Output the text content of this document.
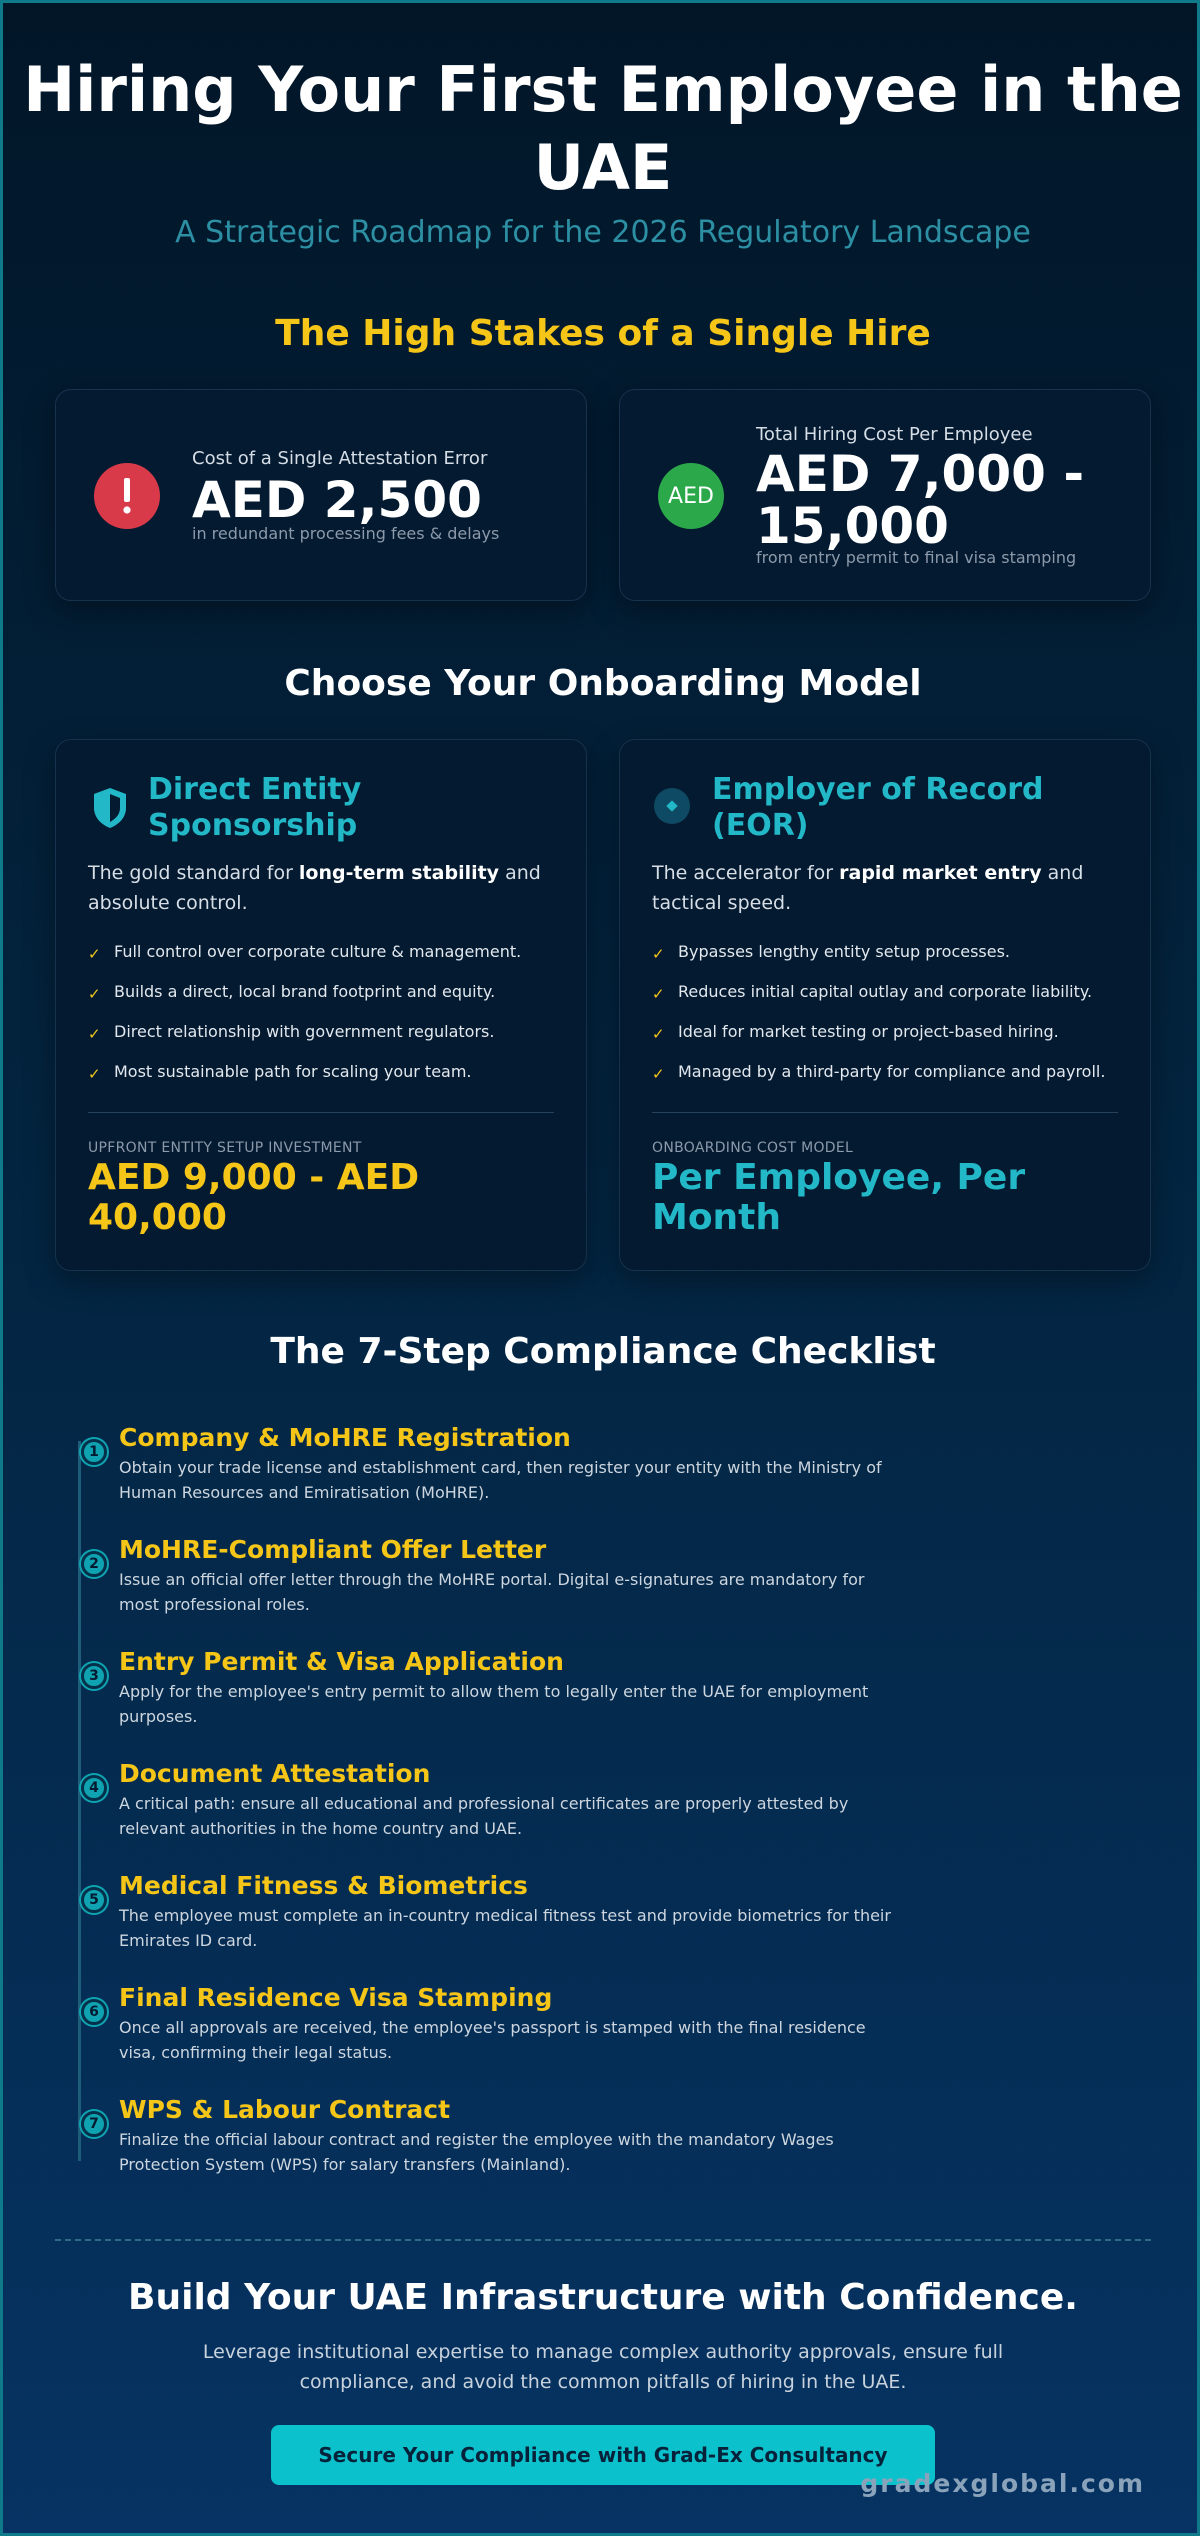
Hiring Your First Employee in the UAE
A Strategic Roadmap for the 2026 Regulatory Landscape
The High Stakes of a Single Hire
Cost of a Single Attestation Error
AED 2,500
in redundant processing fees & delays
AED
Total Hiring Cost Per Employee
AED 7,000 - 15,000
from entry permit to final visa stamping
Choose Your Onboarding Model
Direct Entity Sponsorship
The gold standard for long-term stability and absolute control.
✓ Full control over corporate culture & management.
✓ Builds a direct, local brand footprint and equity.
✓ Direct relationship with government regulators.
✓ Most sustainable path for scaling your team.
UPFRONT ENTITY SETUP INVESTMENT
AED 9,000 - AED 40,000
Employer of Record (EOR)
The accelerator for rapid market entry and tactical speed.
✓ Bypasses lengthy entity setup processes.
✓ Reduces initial capital outlay and corporate liability.
✓ Ideal for market testing or project-based hiring.
✓ Managed by a third-party for compliance and payroll.
ONBOARDING COST MODEL
Per Employee, Per Month
The 7-Step Compliance Checklist
1 Company & MoHRE Registration
Obtain your trade license and establishment card, then register your entity with the Ministry of Human Resources and Emiratisation (MoHRE).
2 MoHRE-Compliant Offer Letter
Issue an official offer letter through the MoHRE portal. Digital e-signatures are mandatory for most professional roles.
3 Entry Permit & Visa Application
Apply for the employee's entry permit to allow them to legally enter the UAE for employment purposes.
4 Document Attestation
A critical path: ensure all educational and professional certificates are properly attested by relevant authorities in the home country and UAE.
5 Medical Fitness & Biometrics
The employee must complete an in-country medical fitness test and provide biometrics for their Emirates ID card.
6 Final Residence Visa Stamping
Once all approvals are received, the employee's passport is stamped with the final residence visa, confirming their legal status.
7 WPS & Labour Contract
Finalize the official labour contract and register the employee with the mandatory Wages Protection System (WPS) for salary transfers (Mainland).
Build Your UAE Infrastructure with Confidence.

Leverage institutional expertise to manage complex authority approvals, ensure full compliance, and avoid the common pitfalls of hiring in the UAE.

Secure Your Compliance with Grad-Ex Consultancy
gradexglobal.com
